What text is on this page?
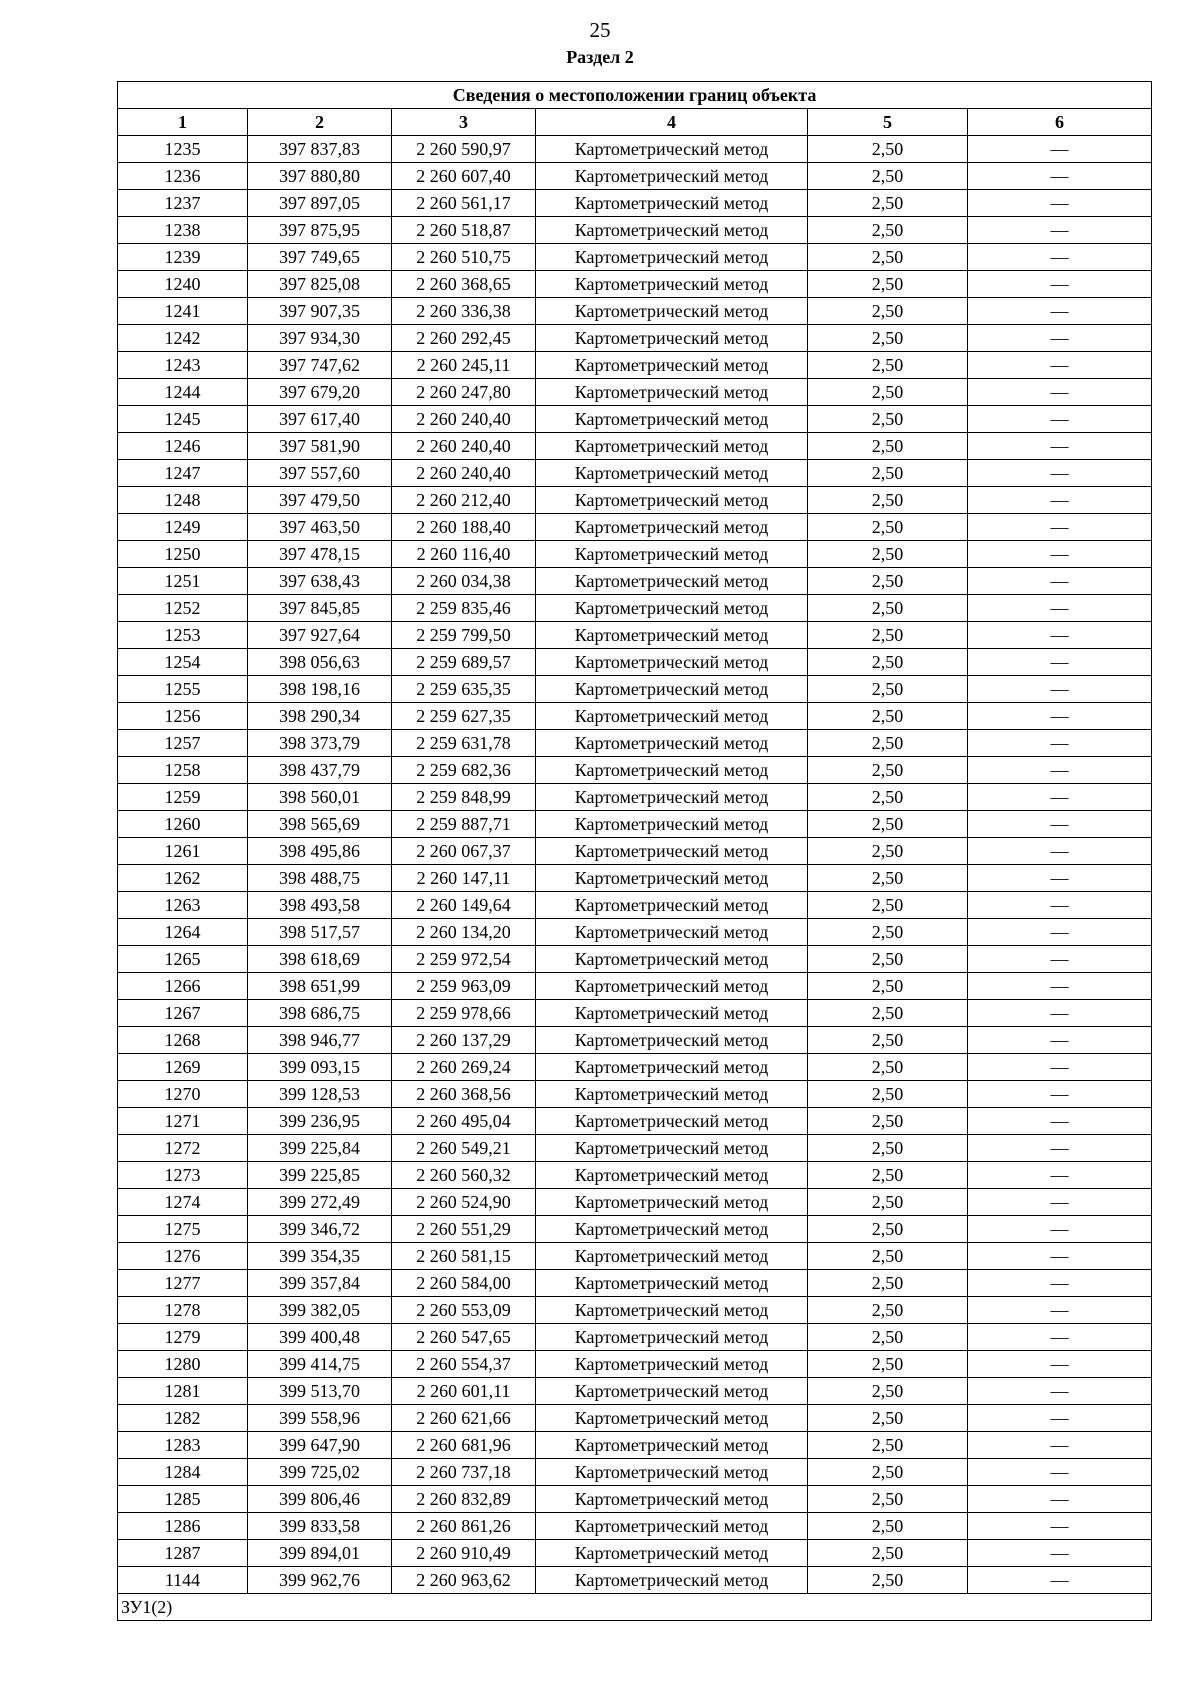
25
Раздел 2
Сведения о местоположении границ объекта					
1	2	3	4	5	6
1235	397 837,83	2 260 590,97	Картометрический метод	2,50	—
1236	397 880,80	2 260 607,40	Картометрический метод	2,50	—
1237	397 897,05	2 260 561,17	Картометрический метод	2,50	—
1238	397 875,95	2 260 518,87	Картометрический метод	2,50	—
1239	397 749,65	2 260 510,75	Картометрический метод	2,50	—
1240	397 825,08	2 260 368,65	Картометрический метод	2,50	—
1241	397 907,35	2 260 336,38	Картометрический метод	2,50	—
1242	397 934,30	2 260 292,45	Картометрический метод	2,50	—
1243	397 747,62	2 260 245,11	Картометрический метод	2,50	—
1244	397 679,20	2 260 247,80	Картометрический метод	2,50	—
1245	397 617,40	2 260 240,40	Картометрический метод	2,50	—
1246	397 581,90	2 260 240,40	Картометрический метод	2,50	—
1247	397 557,60	2 260 240,40	Картометрический метод	2,50	—
1248	397 479,50	2 260 212,40	Картометрический метод	2,50	—
1249	397 463,50	2 260 188,40	Картометрический метод	2,50	—
1250	397 478,15	2 260 116,40	Картометрический метод	2,50	—
1251	397 638,43	2 260 034,38	Картометрический метод	2,50	—
1252	397 845,85	2 259 835,46	Картометрический метод	2,50	—
1253	397 927,64	2 259 799,50	Картометрический метод	2,50	—
1254	398 056,63	2 259 689,57	Картометрический метод	2,50	—
1255	398 198,16	2 259 635,35	Картометрический метод	2,50	—
1256	398 290,34	2 259 627,35	Картометрический метод	2,50	—
1257	398 373,79	2 259 631,78	Картометрический метод	2,50	—
1258	398 437,79	2 259 682,36	Картометрический метод	2,50	—
1259	398 560,01	2 259 848,99	Картометрический метод	2,50	—
1260	398 565,69	2 259 887,71	Картометрический метод	2,50	—
1261	398 495,86	2 260 067,37	Картометрический метод	2,50	—
1262	398 488,75	2 260 147,11	Картометрический метод	2,50	—
1263	398 493,58	2 260 149,64	Картометрический метод	2,50	—
1264	398 517,57	2 260 134,20	Картометрический метод	2,50	—
1265	398 618,69	2 259 972,54	Картометрический метод	2,50	—
1266	398 651,99	2 259 963,09	Картометрический метод	2,50	—
1267	398 686,75	2 259 978,66	Картометрический метод	2,50	—
1268	398 946,77	2 260 137,29	Картометрический метод	2,50	—
1269	399 093,15	2 260 269,24	Картометрический метод	2,50	—
1270	399 128,53	2 260 368,56	Картометрический метод	2,50	—
1271	399 236,95	2 260 495,04	Картометрический метод	2,50	—
1272	399 225,84	2 260 549,21	Картометрический метод	2,50	—
1273	399 225,85	2 260 560,32	Картометрический метод	2,50	—
1274	399 272,49	2 260 524,90	Картометрический метод	2,50	—
1275	399 346,72	2 260 551,29	Картометрический метод	2,50	—
1276	399 354,35	2 260 581,15	Картометрический метод	2,50	—
1277	399 357,84	2 260 584,00	Картометрический метод	2,50	—
1278	399 382,05	2 260 553,09	Картометрический метод	2,50	—
1279	399 400,48	2 260 547,65	Картометрический метод	2,50	—
1280	399 414,75	2 260 554,37	Картометрический метод	2,50	—
1281	399 513,70	2 260 601,11	Картометрический метод	2,50	—
1282	399 558,96	2 260 621,66	Картометрический метод	2,50	—
1283	399 647,90	2 260 681,96	Картометрический метод	2,50	—
1284	399 725,02	2 260 737,18	Картометрический метод	2,50	—
1285	399 806,46	2 260 832,89	Картометрический метод	2,50	—
1286	399 833,58	2 260 861,26	Картометрический метод	2,50	—
1287	399 894,01	2 260 910,49	Картометрический метод	2,50	—
1144	399 962,76	2 260 963,62	Картометрический метод	2,50	—
ЗУ1(2)					
